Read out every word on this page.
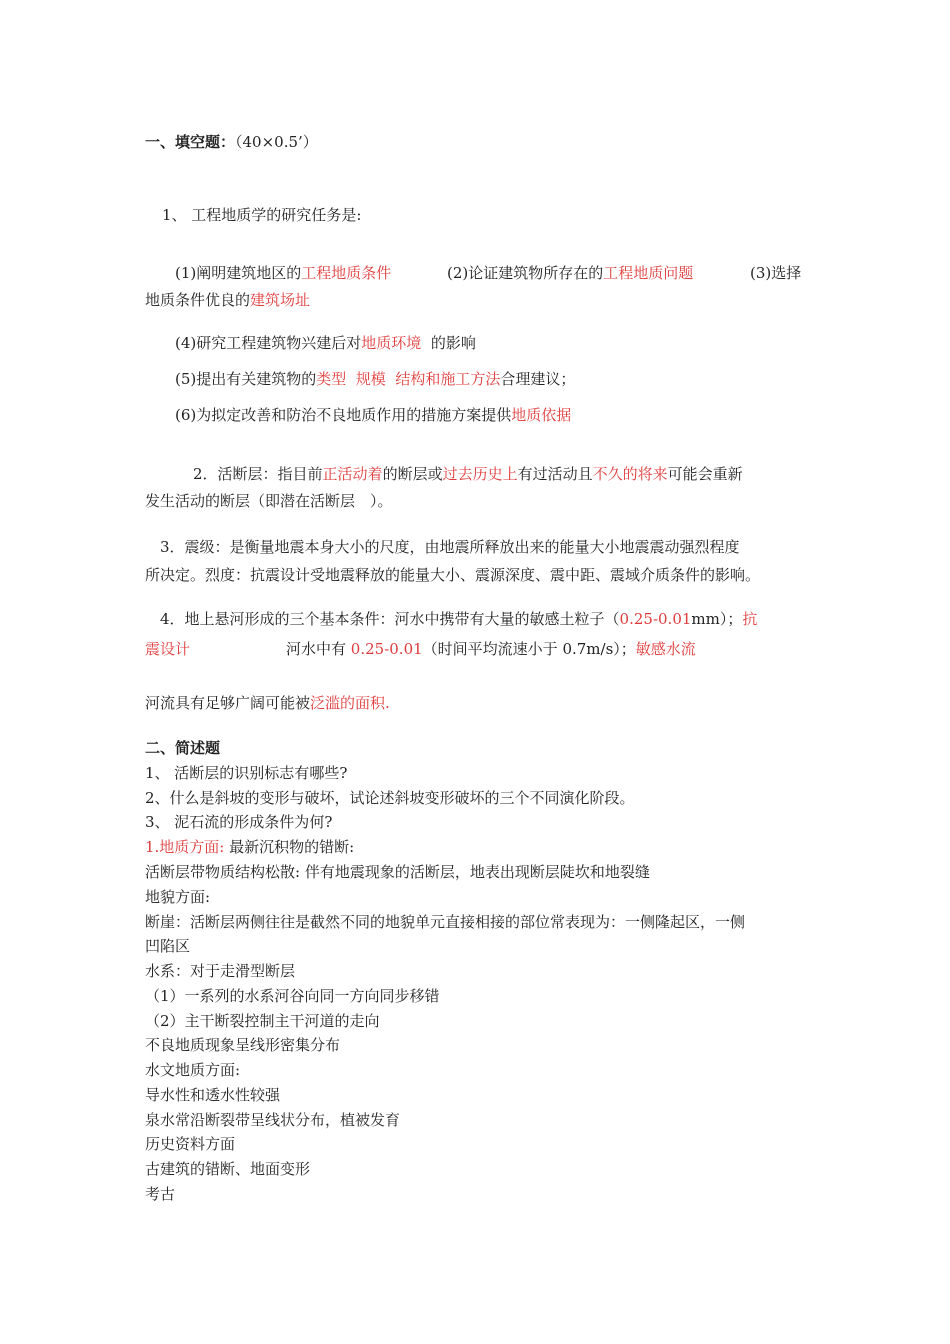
一、填空题：（40×0.5’）
1、 工程地质学的研究任务是:
(1)阐明建筑地区的工程地质条件	(2)论证建筑物所存在的工程地质问题	(3)选择
地质条件优良的建筑场址
(4)研究工程建筑物兴建后对地质环境 的影响
(5)提出有关建筑物的类型  规模  结构和施工方法合理建议；
(6)为拟定改善和防治不良地质作用的措施方案提供地质依据
2．活断层：指目前正活动着的断层或过去历史上有过活动且不久的将来可能会重新
发生活动的断层（即潜在活断层　）。
3．震级：是衡量地震本身大小的尺度，由地震所释放出来的能量大小地震震动强烈程度
所决定。烈度：抗震设计受地震释放的能量大小、震源深度、震中距、震域介质条件的影响。
4．地上悬河形成的三个基本条件：河水中携带有大量的敏感土粒子（0.25-0.01mm）；抗
震设计	河水中有 0.25-0.01（时间平均流速小于 0.7m/s）；敏感水流
河流具有足够广阔可能被泛滥的面积.
二、简述题
1、 活断层的识别标志有哪些?
2、什么是斜坡的变形与破坏，试论述斜坡变形破坏的三个不同演化阶段。
3、 泥石流的形成条件为何?
1.地质方面: 最新沉积物的错断:
活断层带物质结构松散: 伴有地震现象的活断层，地表出现断层陡坎和地裂缝
地貌方面:
断崖：活断层两侧往往是截然不同的地貌单元直接相接的部位常表现为：一侧隆起区，一侧
凹陷区
水系：对于走滑型断层
（1）一系列的水系河谷向同一方向同步移错
（2）主干断裂控制主干河道的走向
不良地质现象呈线形密集分布
水文地质方面:
导水性和透水性较强
泉水常沿断裂带呈线状分布，植被发育
历史资料方面
古建筑的错断、地面变形
考古
